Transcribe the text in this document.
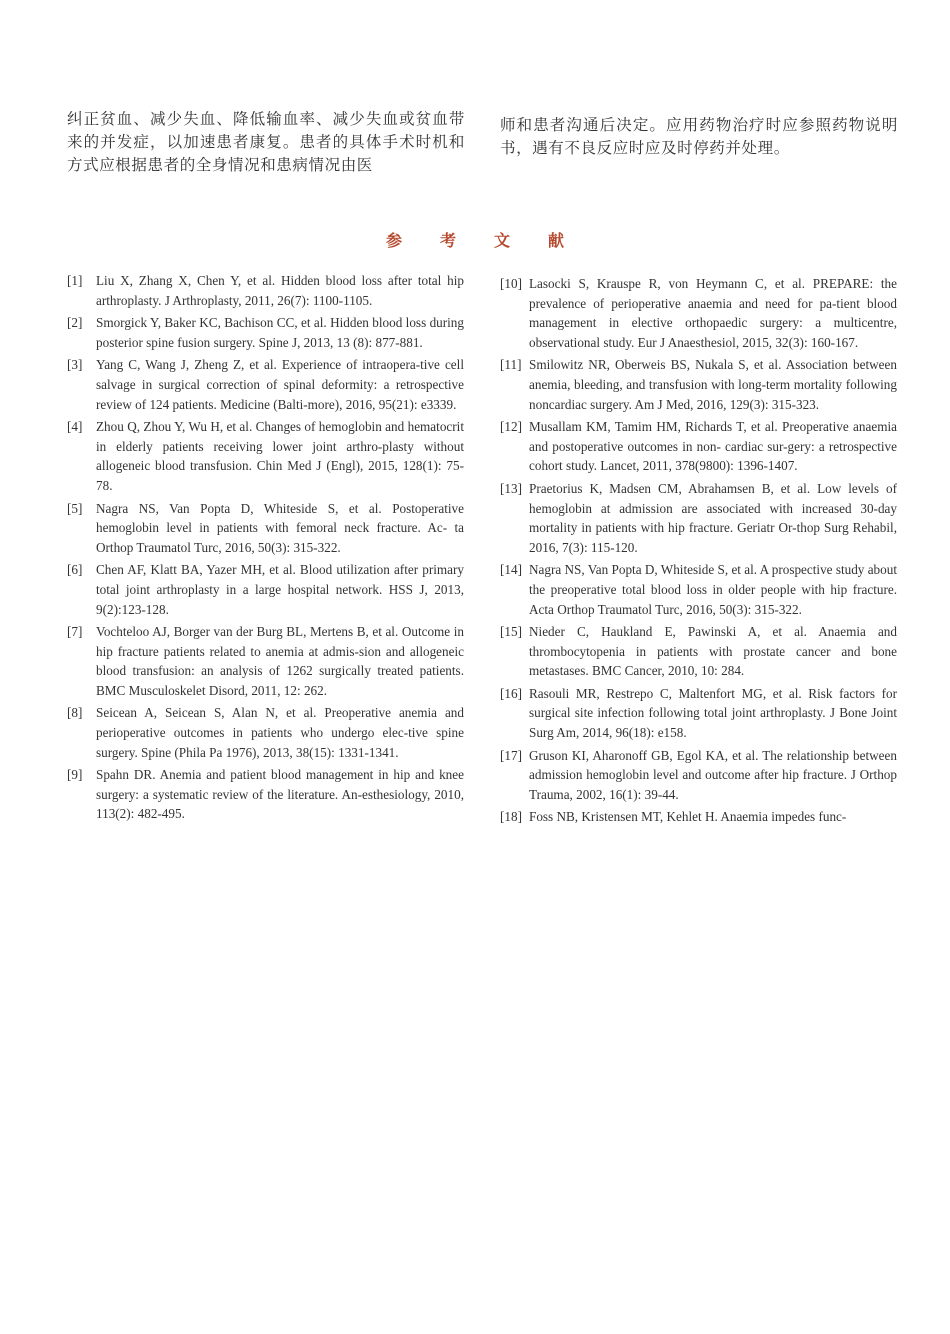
纠正贫血、减少失血、降低输血率、减少失血或贫血带来的并发症，以加速患者康复。患者的具体手术时机和方式应根据患者的全身情况和患病情况由医
师和患者沟通后决定。应用药物治疗时应参照药物说明书，遇有不良反应时应及时停药并处理。
参 考 文 献
[1]	Liu X, Zhang X, Chen Y, et al. Hidden blood loss after total hip arthroplasty. J Arthroplasty, 2011, 26(7): 1100-1105.
[2]	Smorgick Y, Baker KC, Bachison CC, et al. Hidden blood loss during posterior spine fusion surgery. Spine J, 2013, 13 (8): 877-881.
[3]	Yang C, Wang J, Zheng Z, et al. Experience of intraopera-tive cell salvage in surgical correction of spinal deformity: a retrospective review of 124 patients. Medicine (Balti-more), 2016, 95(21): e3339.
[4]	Zhou Q, Zhou Y, Wu H, et al. Changes of hemoglobin and hematocrit in elderly patients receiving lower joint arthro-plasty without allogeneic blood transfusion. Chin Med J (Engl), 2015, 128(1): 75-78.
[5]	Nagra NS, Van Popta D, Whiteside S, et al. Postoperative hemoglobin level in patients with femoral neck fracture. Ac- ta Orthop Traumatol Turc, 2016, 50(3): 315-322.
[6]	Chen AF, Klatt BA, Yazer MH, et al. Blood utilization after primary total joint arthroplasty in a large hospital network. HSS J, 2013, 9(2):123-128.
[7]	Vochteloo AJ, Borger van der Burg BL, Mertens B, et al. Outcome in hip fracture patients related to anemia at admis-sion and allogeneic blood transfusion: an analysis of 1262 surgically treated patients. BMC Musculoskelet Disord, 2011, 12: 262.
[8]	Seicean A, Seicean S, Alan N, et al. Preoperative anemia and perioperative outcomes in patients who undergo elec-tive spine surgery. Spine (Phila Pa 1976), 2013, 38(15): 1331-1341.
[9]	Spahn DR. Anemia and patient blood management in hip and knee surgery: a systematic review of the literature. An-esthesiology, 2010, 113(2): 482-495.
[10] Lasocki S, Krauspe R, von Heymann C, et al. PREPARE: the prevalence of perioperative anaemia and need for pa-tient blood management in elective orthopaedic surgery: a multicentre, observational study. Eur J Anaesthesiol, 2015, 32(3): 160-167.
[11] Smilowitz NR, Oberweis BS, Nukala S, et al. Association between anemia, bleeding, and transfusion with long-term mortality following noncardiac surgery. Am J Med, 2016, 129(3): 315-323.
[12] Musallam KM, Tamim HM, Richards T, et al. Preoperative anaemia and postoperative outcomes in non- cardiac sur-gery: a retrospective cohort study. Lancet, 2011, 378(9800): 1396-1407.
[13] Praetorius K, Madsen CM, Abrahamsen B, et al. Low levels of hemoglobin at admission are associated with increased 30-day mortality in patients with hip fracture. Geriatr Or-thop Surg Rehabil, 2016, 7(3): 115-120.
[14] Nagra NS, Van Popta D, Whiteside S, et al. A prospective study about the preoperative total blood loss in older people with hip fracture. Acta Orthop Traumatol Turc, 2016, 50(3): 315-322.
[15] Nieder C, Haukland E, Pawinski A, et al. Anaemia and thrombocytopenia in patients with prostate cancer and bone metastases. BMC Cancer, 2010, 10: 284.
[16] Rasouli MR, Restrepo C, Maltenfort MG, et al. Risk factors for surgical site infection following total joint arthroplasty. J Bone Joint Surg Am, 2014, 96(18): e158.
[17] Gruson KI, Aharonoff GB, Egol KA, et al. The relationship between admission hemoglobin level and outcome after hip fracture. J Orthop Trauma, 2002, 16(1): 39-44.
[18] Foss NB, Kristensen MT, Kehlet H. Anaemia impedes func-
